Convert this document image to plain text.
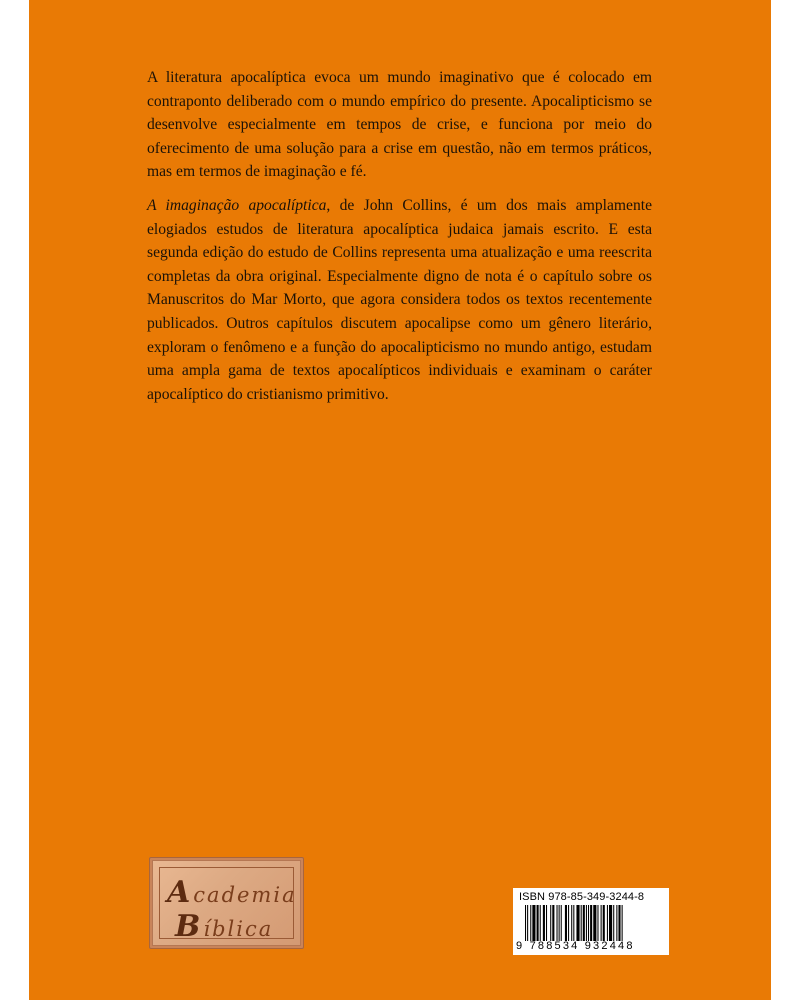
A literatura apocalíptica evoca um mundo imaginativo que é colocado em contraponto deliberado com o mundo empírico do presente. Apocalipticismo se desenvolve especialmente em tempos de crise, e funciona por meio do oferecimento de uma solução para a crise em questão, não em termos práticos, mas em termos de imaginação e fé.

A imaginação apocalíptica, de John Collins, é um dos mais amplamente elogiados estudos de literatura apocalíptica judaica jamais escrito. E esta segunda edição do estudo de Collins representa uma atualização e uma reescrita completas da obra original. Especialmente digno de nota é o capítulo sobre os Manuscritos do Mar Morto, que agora considera todos os textos recentemente publicados. Outros capítulos discutem apocalipse como um gênero literário, exploram o fenômeno e a função do apocalipticismo no mundo antigo, estudam uma ampla gama de textos apocalípticos individuais e examinam o caráter apocalíptico do cristianismo primitivo.

Academia
Bíblica
ISBN 978-85-349-3244-8
9 788534 932448
